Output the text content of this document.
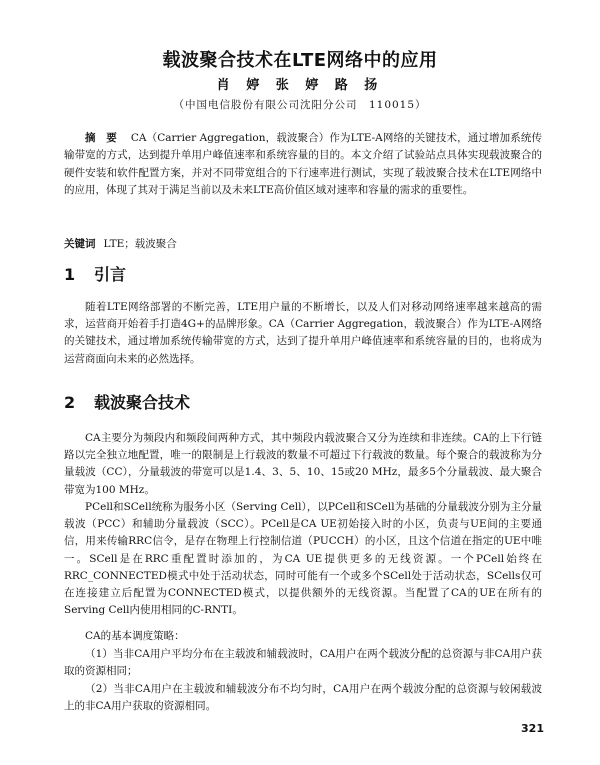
载波聚合技术在LTE网络中的应用
肖 婷 张 婷 路 扬
（中国电信股份有限公司沈阳分公司　110015）

摘　要 CA（Carrier Aggregation，载波聚合）作为LTE-A网络的关键技术，通过增加系统传输带宽的方式，达到提升单用户峰值速率和系统容量的目的。本文介绍了试验站点具体实现载波聚合的硬件安装和软件配置方案，并对不同带宽组合的下行速率进行测试，实现了载波聚合技术在LTE网络中的应用，体现了其对于满足当前以及未来LTE高价值区域对速率和容量的需求的重要性。

关键词 LTE；载波聚合

1 引言

随着LTE网络部署的不断完善，LTE用户量的不断增长，以及人们对移动网络速率越来越高的需求，运营商开始着手打造4G+的品牌形象。CA（Carrier Aggregation，载波聚合）作为LTE-A网络的关键技术，通过增加系统传输带宽的方式，达到了提升单用户峰值速率和系统容量的目的，也将成为运营商面向未来的必然选择。

2 载波聚合技术

CA主要分为频段内和频段间两种方式，其中频段内载波聚合又分为连续和非连续。CA的上下行链路以完全独立地配置，唯一的限制是上行载波的数量不可超过下行载波的数量。每个聚合的载波称为分量载波（CC），分量载波的带宽可以是1.4、3、5、10、15或20 MHz，最多5个分量载波、最大聚合带宽为100 MHz。

PCell和SCell统称为服务小区（Serving Cell），以PCell和SCell为基础的分量载波分别为主分量载波（PCC）和辅助分量载波（SCC）。PCell是CA UE初始接入时的小区，负责与UE间的主要通信，用来传输RRC信令，是存在物理上行控制信道（PUCCH）的小区，且这个信道在指定的UE中唯一。SCell是在RRC重配置时添加的，为CA UE提供更多的无线资源。一个PCell始终在RRC_CONNECTED模式中处于活动状态，同时可能有一个或多个SCell处于活动状态，SCells仅可在连接建立后配置为CONNECTED模式，以提供额外的无线资源。当配置了CA的UE在所有的Serving Cell内使用相同的C-RNTI。

CA的基本调度策略：

（1）当非CA用户平均分布在主载波和辅载波时，CA用户在两个载波分配的总资源与非CA用户获取的资源相同；

（2）当非CA用户在主载波和辅载波分布不均匀时，CA用户在两个载波分配的总资源与较闲载波上的非CA用户获取的资源相同。

321
